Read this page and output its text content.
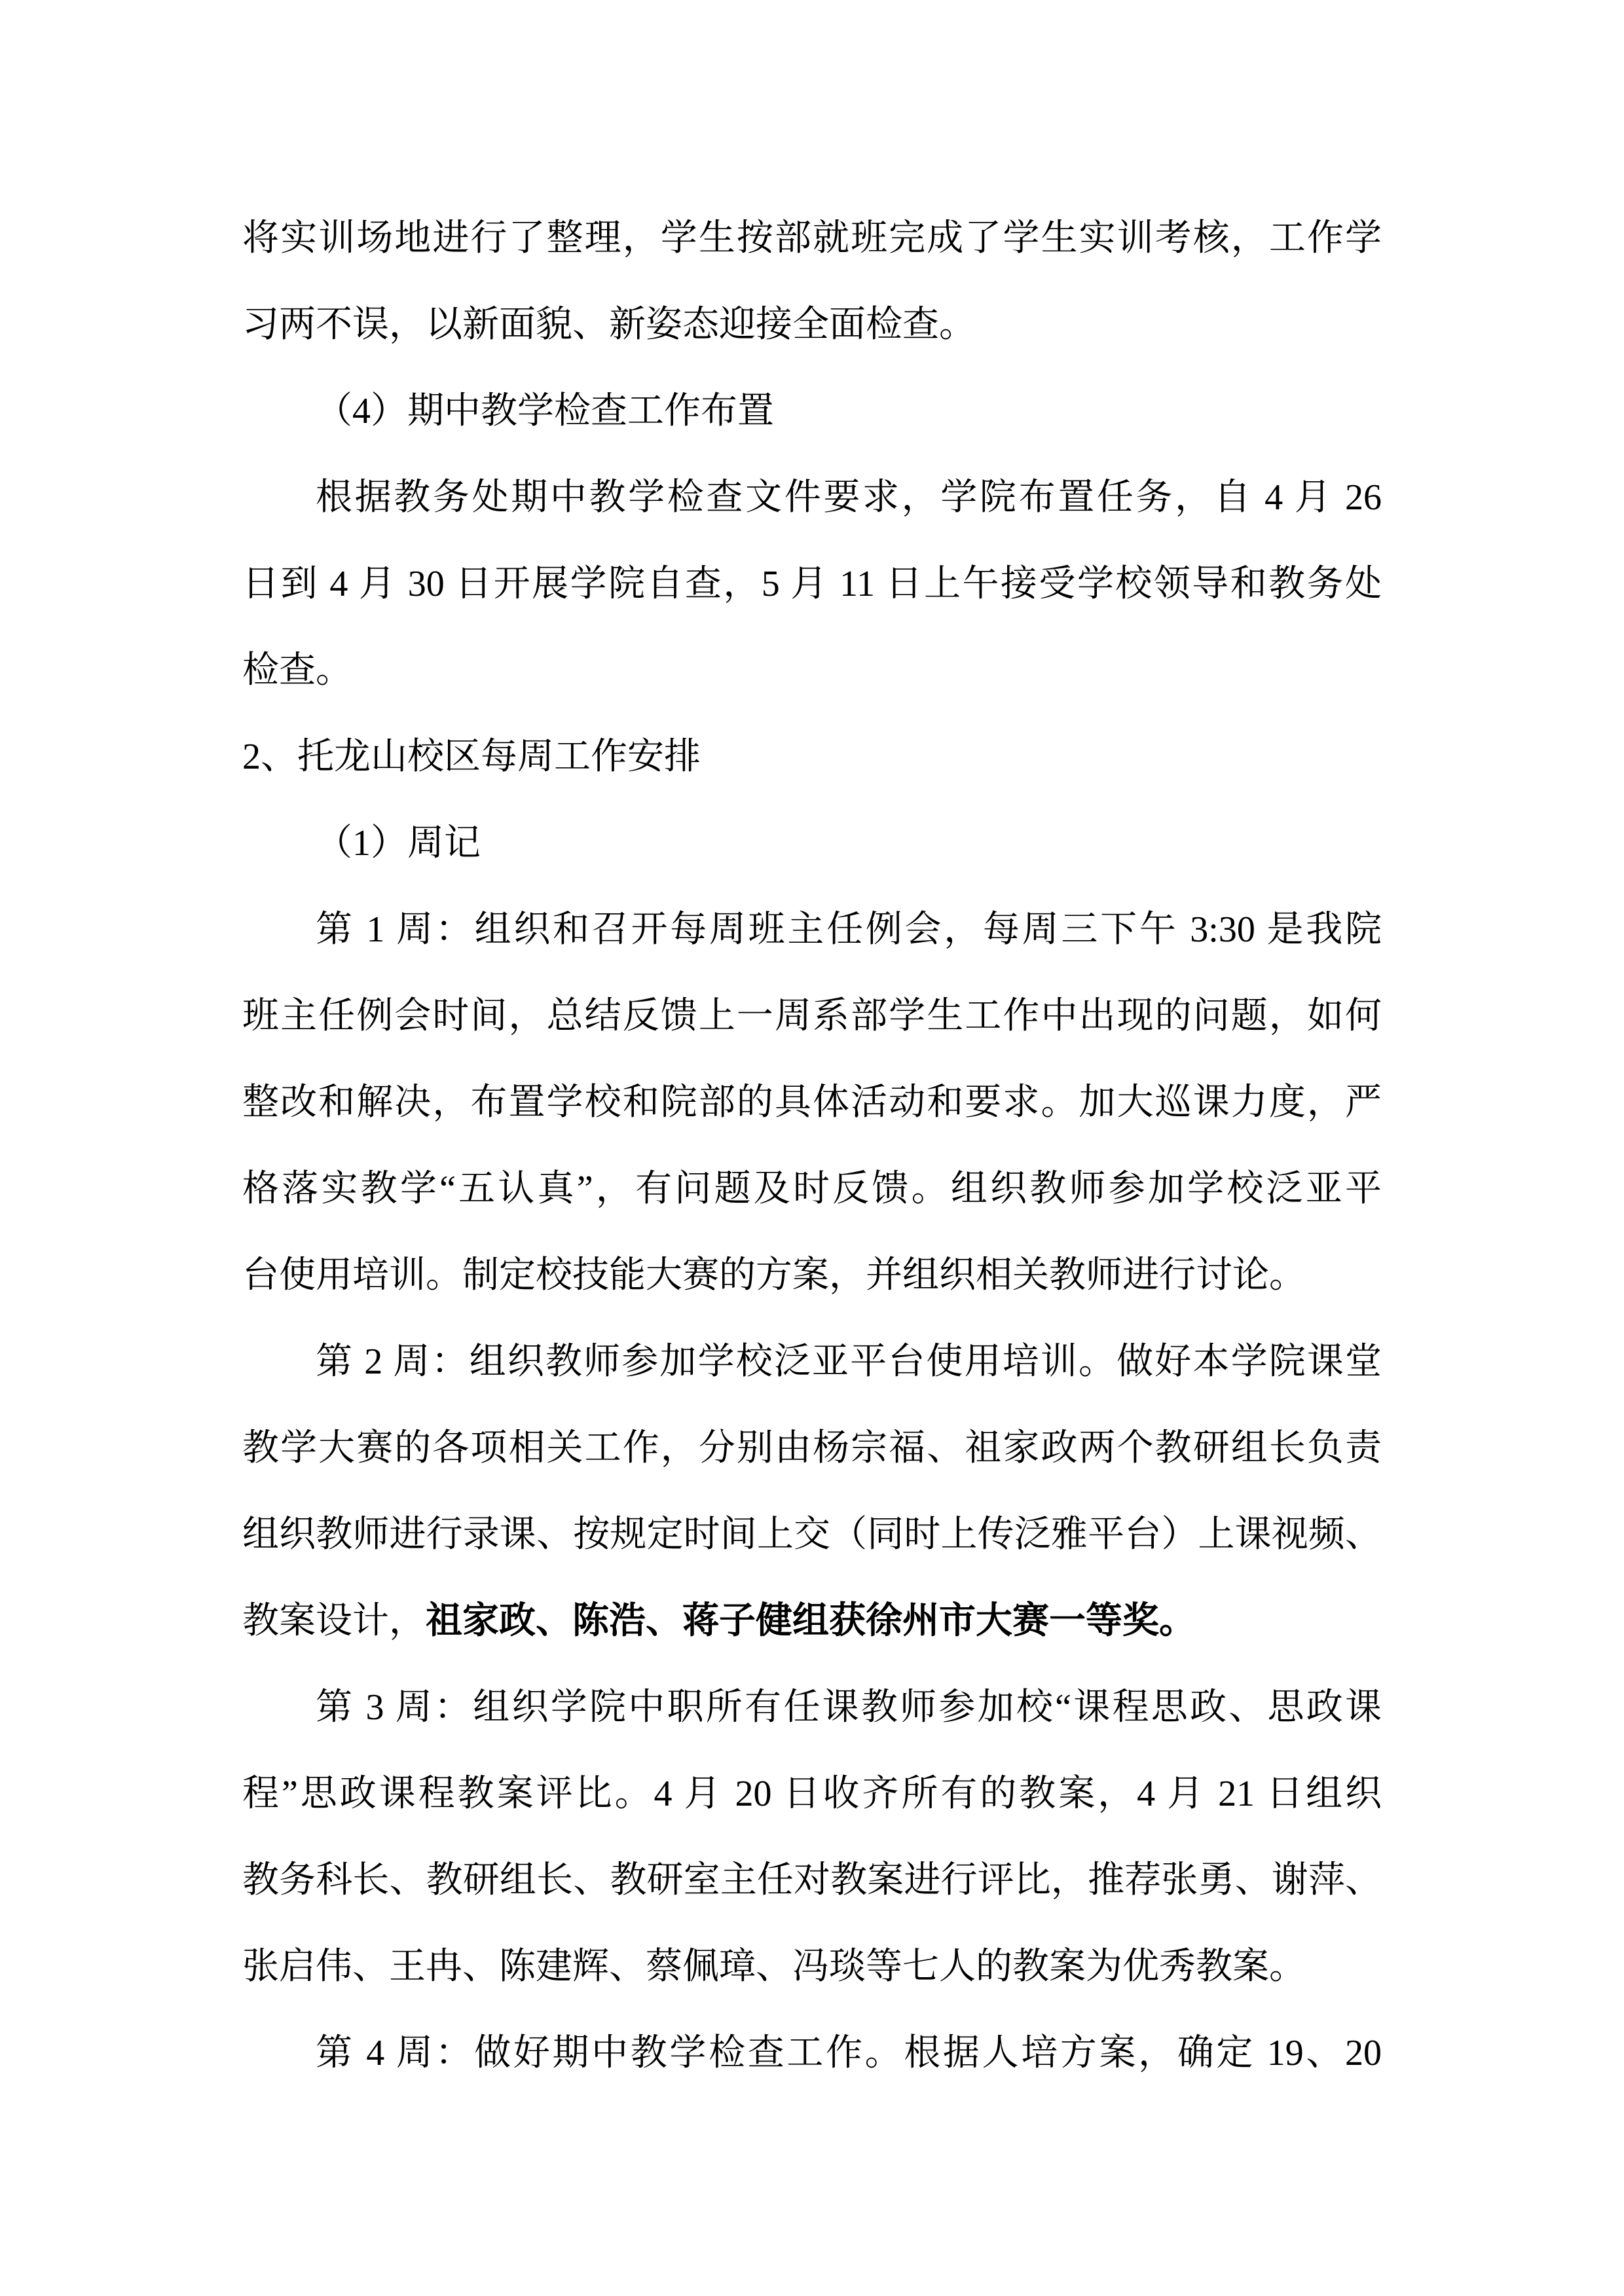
将实训场地进行了整理，学生按部就班完成了学生实训考核，工作学
习两不误，以新面貌、新姿态迎接全面检查。
（4）期中教学检查工作布置
根据教务处期中教学检查文件要求，学院布置任务，自 4 月 26
日到 4 月 30 日开展学院自查，5 月 11 日上午接受学校领导和教务处
检查。
2、托龙山校区每周工作安排
（1）周记
第 1 周：组织和召开每周班主任例会，每周三下午 3:30 是我院
班主任例会时间，总结反馈上一周系部学生工作中出现的问题，如何
整改和解决，布置学校和院部的具体活动和要求。加大巡课力度，严
格落实教学“五认真”，有问题及时反馈。组织教师参加学校泛亚平
台使用培训。制定校技能大赛的方案，并组织相关教师进行讨论。
第 2 周：组织教师参加学校泛亚平台使用培训。做好本学院课堂
教学大赛的各项相关工作，分别由杨宗福、祖家政两个教研组长负责
组织教师进行录课、按规定时间上交（同时上传泛雅平台）上课视频、
教案设计，祖家政、陈浩、蒋子健组获徐州市大赛一等奖。
第 3 周：组织学院中职所有任课教师参加校“课程思政、思政课
程”思政课程教案评比。4 月 20 日收齐所有的教案，4 月 21 日组织
教务科长、教研组长、教研室主任对教案进行评比，推荐张勇、谢萍、
张启伟、王冉、陈建辉、蔡佩璋、冯琰等七人的教案为优秀教案。
第 4 周：做好期中教学检查工作。根据人培方案，确定 19、20
